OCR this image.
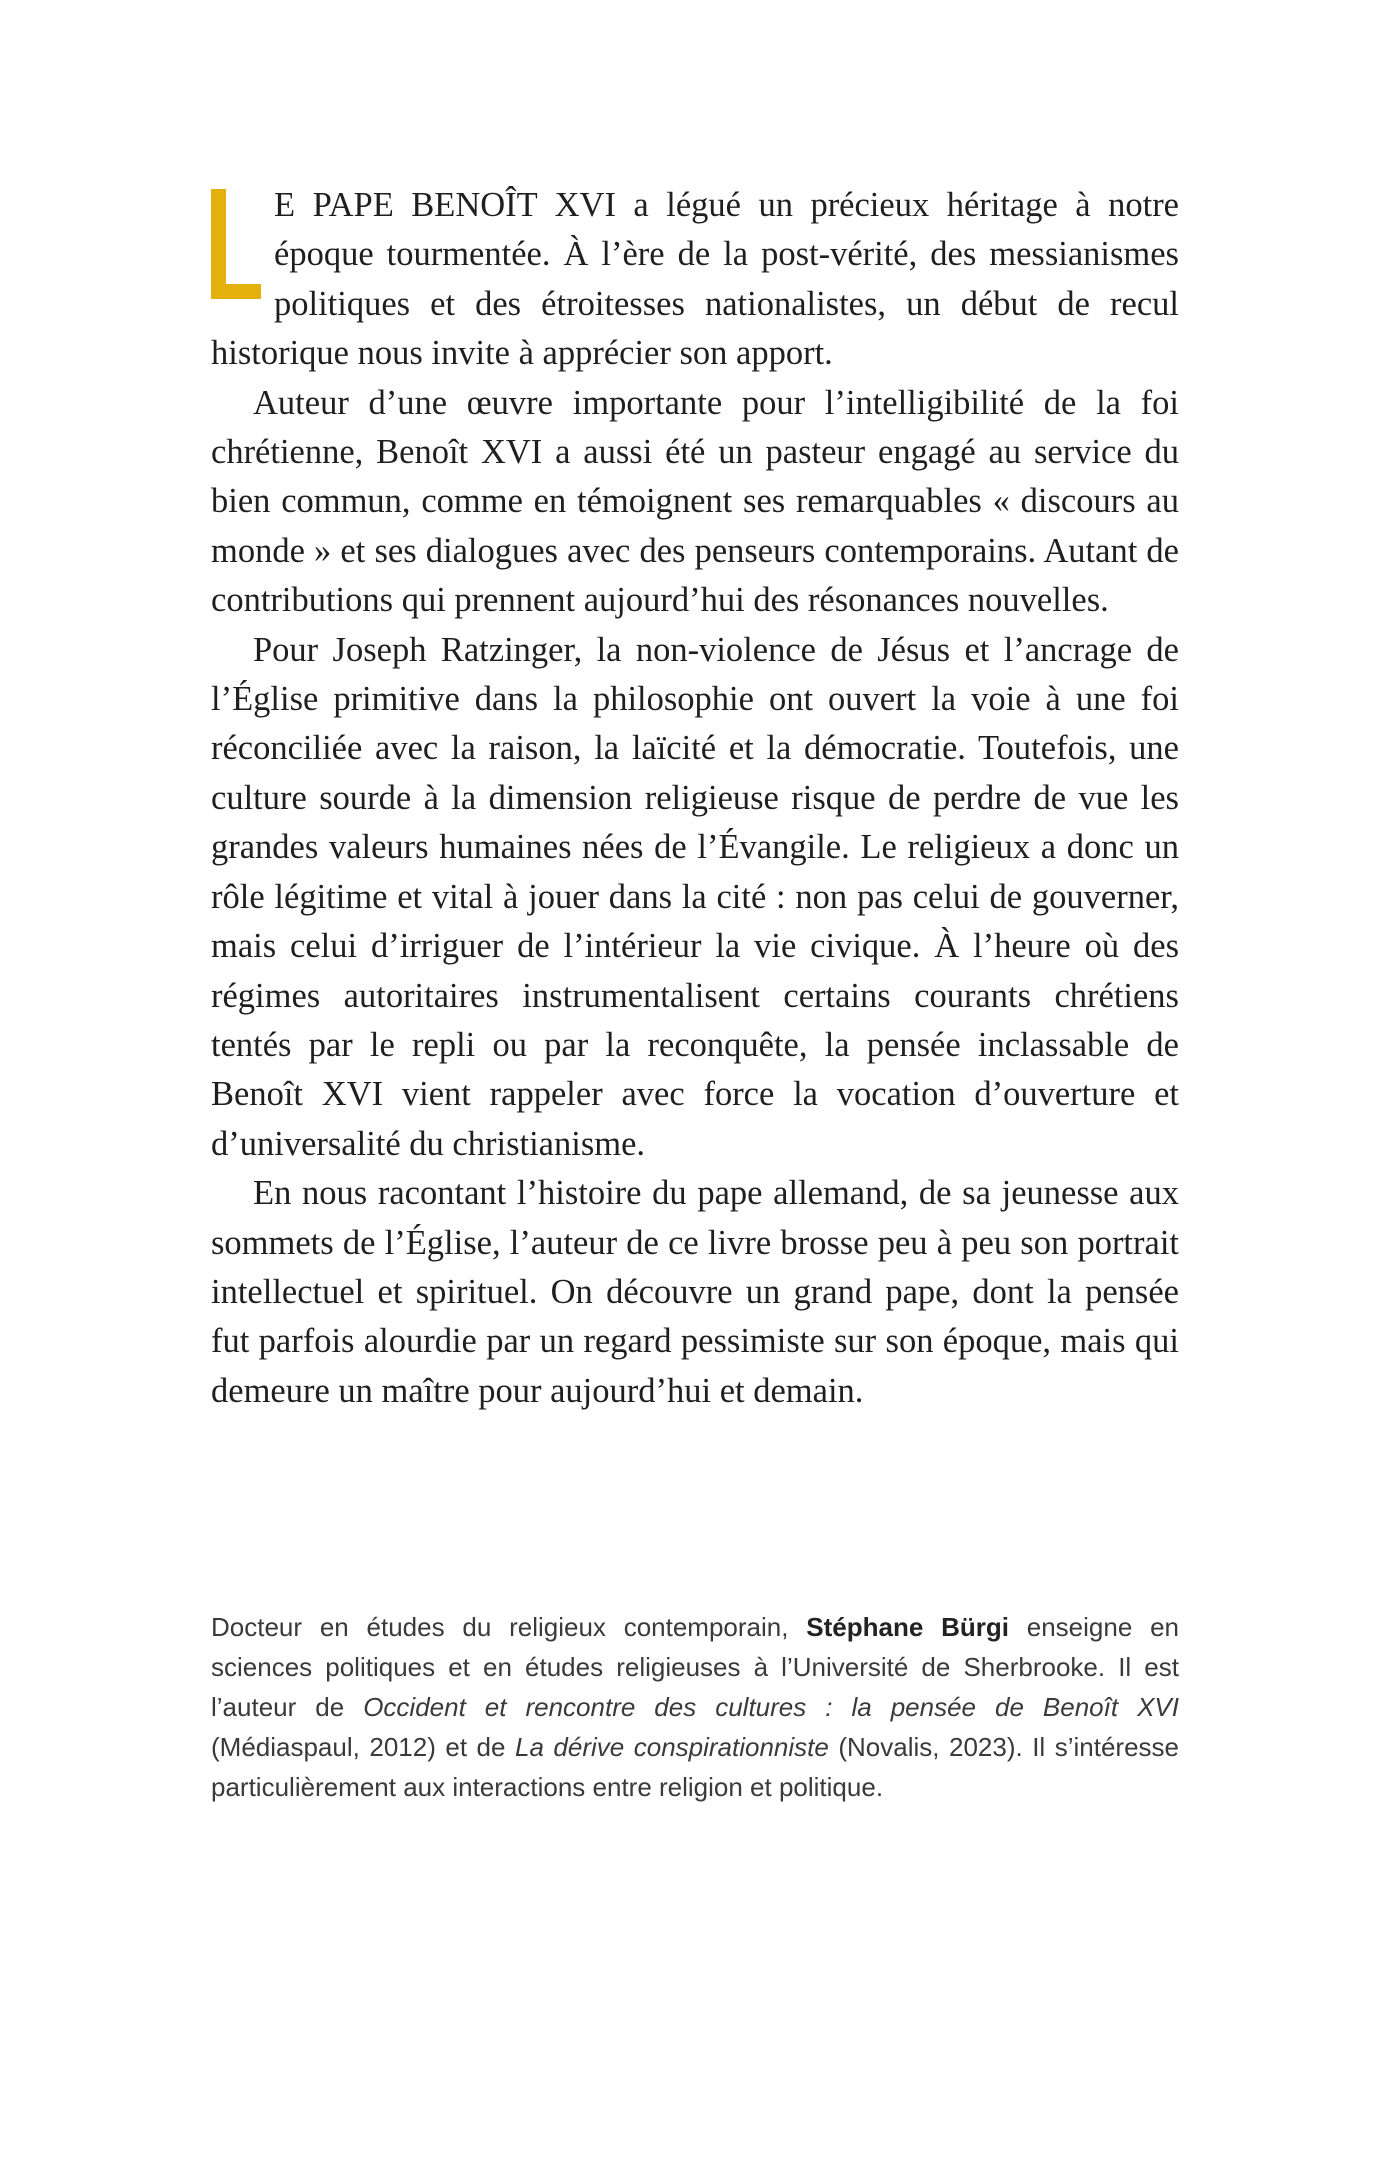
E PAPE BENOÎT XVI a légué un précieux héritage à notre époque tourmentée. À l’ère de la post-vérité, des messianismes politiques et des étroitesses nationalistes, un début de recul historique nous invite à apprécier son apport.

Auteur d’une œuvre importante pour l’intelligibilité de la foi chrétienne, Benoît XVI a aussi été un pasteur engagé au service du bien commun, comme en témoignent ses remarquables « discours au monde » et ses dialogues avec des penseurs contemporains. Autant de contributions qui prennent aujourd’hui des résonances nouvelles.

Pour Joseph Ratzinger, la non-violence de Jésus et l’ancrage de l’Église primitive dans la philosophie ont ouvert la voie à une foi réconciliée avec la raison, la laïcité et la démocratie. Toutefois, une culture sourde à la dimension religieuse risque de perdre de vue les grandes valeurs humaines nées de l’Évangile. Le religieux a donc un rôle légitime et vital à jouer dans la cité : non pas celui de gouverner, mais celui d’irriguer de l’intérieur la vie civique. À l’heure où des régimes autoritaires instrumentalisent certains courants chrétiens tentés par le repli ou par la reconquête, la pensée inclassable de Benoît XVI vient rappeler avec force la vocation d’ouverture et d’universalité du christianisme.

En nous racontant l’histoire du pape allemand, de sa jeunesse aux sommets de l’Église, l’auteur de ce livre brosse peu à peu son portrait intellectuel et spirituel. On découvre un grand pape, dont la pensée fut parfois alourdie par un regard pessimiste sur son époque, mais qui demeure un maître pour aujourd’hui et demain.

Docteur en études du religieux contemporain, Stéphane Bürgi enseigne en sciences politiques et en études religieuses à l’Université de Sherbrooke. Il est l’auteur de Occident et rencontre des cultures : la pensée de Benoît XVI (Médiaspaul, 2012) et de La dérive conspirationniste (Novalis, 2023). Il s’intéresse particulièrement aux interactions entre religion et politique.
